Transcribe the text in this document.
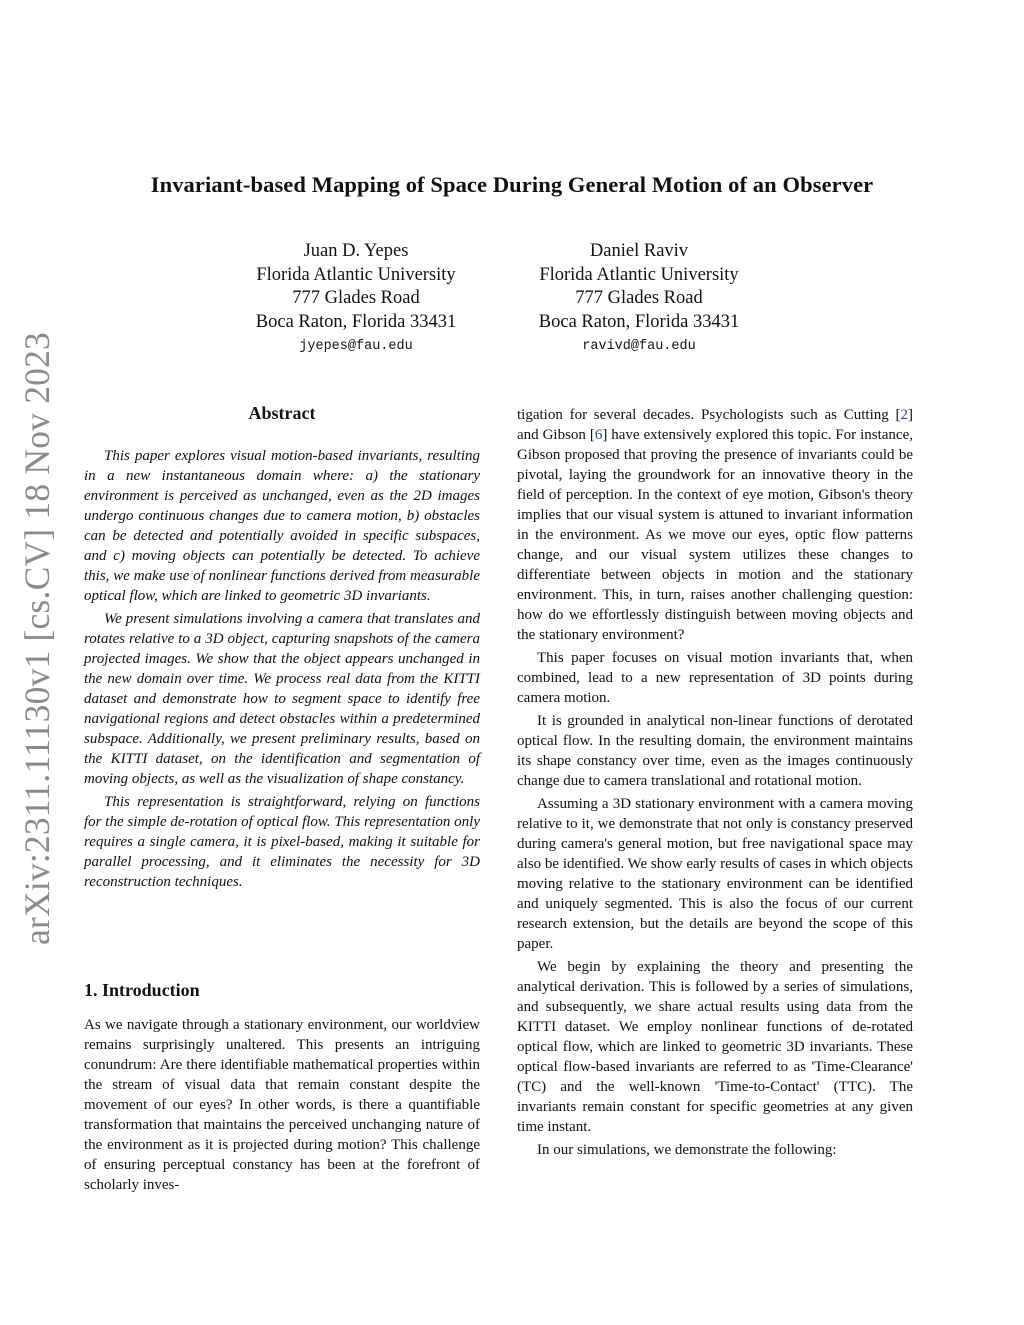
arXiv:2311.11130v1 [cs.CV] 18 Nov 2023
Invariant-based Mapping of Space During General Motion of an Observer
Juan D. Yepes
Florida Atlantic University
777 Glades Road
Boca Raton, Florida 33431
jyepes@fau.edu
Daniel Raviv
Florida Atlantic University
777 Glades Road
Boca Raton, Florida 33431
ravivd@fau.edu
Abstract

This paper explores visual motion-based invariants, resulting in a new instantaneous domain where: a) the stationary environment is perceived as unchanged, even as the 2D images undergo continuous changes due to camera motion, b) obstacles can be detected and potentially avoided in specific subspaces, and c) moving objects can potentially be detected. To achieve this, we make use of nonlinear functions derived from measurable optical flow, which are linked to geometric 3D invariants.

We present simulations involving a camera that translates and rotates relative to a 3D object, capturing snapshots of the camera projected images. We show that the object appears unchanged in the new domain over time. We process real data from the KITTI dataset and demonstrate how to segment space to identify free navigational regions and detect obstacles within a predetermined subspace. Additionally, we present preliminary results, based on the KITTI dataset, on the identification and segmentation of moving objects, as well as the visualization of shape constancy.

This representation is straightforward, relying on functions for the simple de-rotation of optical flow. This representation only requires a single camera, it is pixel-based, making it suitable for parallel processing, and it eliminates the necessity for 3D reconstruction techniques.

1. Introduction

As we navigate through a stationary environment, our worldview remains surprisingly unaltered. This presents an intriguing conundrum: Are there identifiable mathematical properties within the stream of visual data that remain constant despite the movement of our eyes? In other words, is there a quantifiable transformation that maintains the perceived unchanging nature of the environment as it is projected during motion? This challenge of ensuring perceptual constancy has been at the forefront of scholarly inves-

tigation for several decades. Psychologists such as Cutting [2] and Gibson [6] have extensively explored this topic. For instance, Gibson proposed that proving the presence of invariants could be pivotal, laying the groundwork for an innovative theory in the field of perception. In the context of eye motion, Gibson's theory implies that our visual system is attuned to invariant information in the environment. As we move our eyes, optic flow patterns change, and our visual system utilizes these changes to differentiate between objects in motion and the stationary environment. This, in turn, raises another challenging question: how do we effortlessly distinguish between moving objects and the stationary environment?

This paper focuses on visual motion invariants that, when combined, lead to a new representation of 3D points during camera motion.

It is grounded in analytical non-linear functions of derotated optical flow. In the resulting domain, the environment maintains its shape constancy over time, even as the images continuously change due to camera translational and rotational motion.

Assuming a 3D stationary environment with a camera moving relative to it, we demonstrate that not only is constancy preserved during camera's general motion, but free navigational space may also be identified. We show early results of cases in which objects moving relative to the stationary environment can be identified and uniquely segmented. This is also the focus of our current research extension, but the details are beyond the scope of this paper.

We begin by explaining the theory and presenting the analytical derivation. This is followed by a series of simulations, and subsequently, we share actual results using data from the KITTI dataset. We employ nonlinear functions of de-rotated optical flow, which are linked to geometric 3D invariants. These optical flow-based invariants are referred to as 'Time-Clearance' (TC) and the well-known 'Time-to-Contact' (TTC). The invariants remain constant for specific geometries at any given time instant.

In our simulations, we demonstrate the following:
